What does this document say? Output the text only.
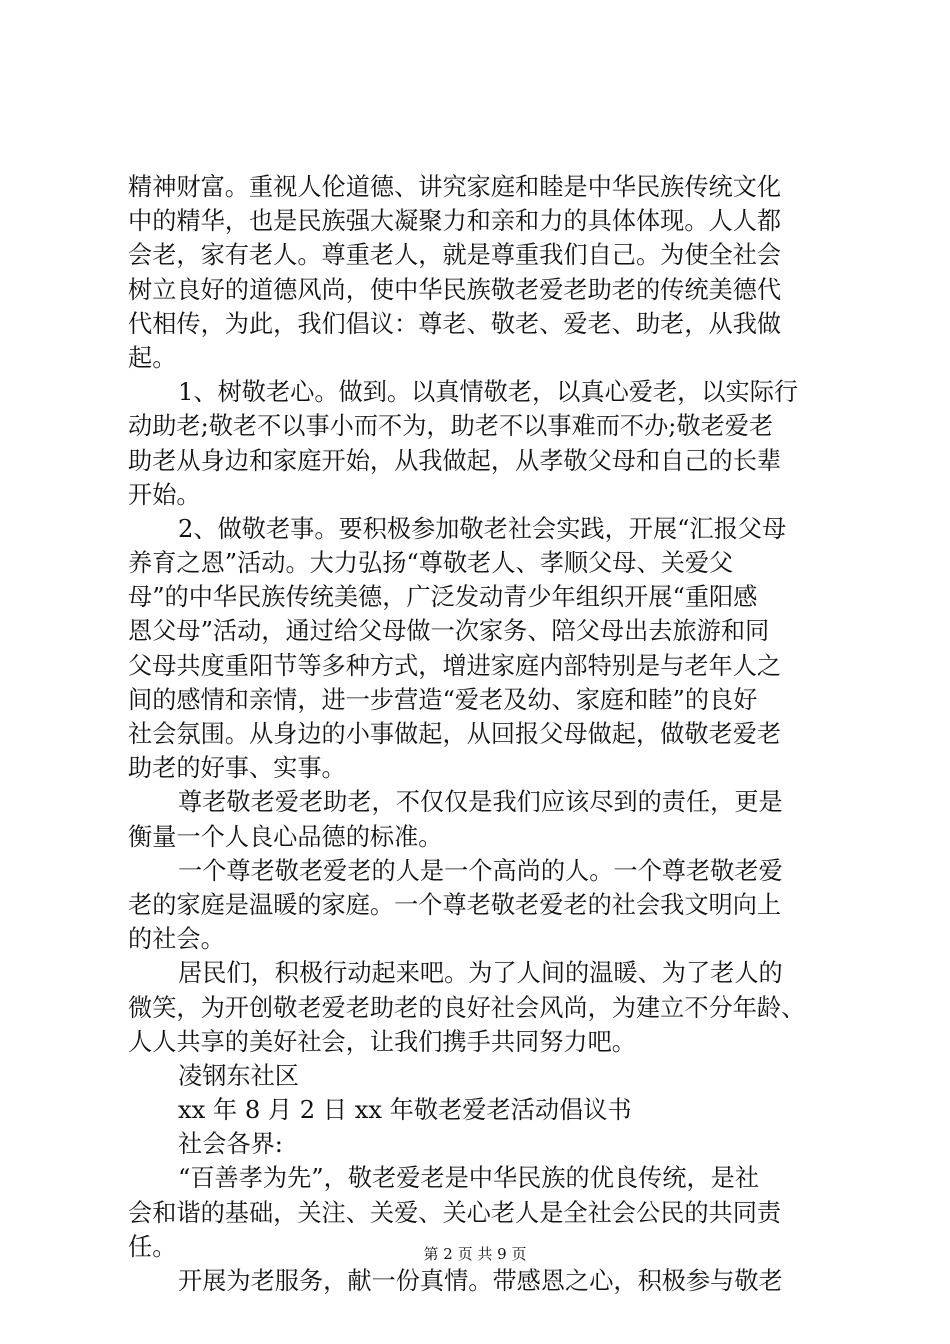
精神财富。重视人伦道德、讲究家庭和睦是中华民族传统文化
中的精华，也是民族强大凝聚力和亲和力的具体体现。人人都
会老，家有老人。尊重老人，就是尊重我们自己。为使全社会
树立良好的道德风尚，使中华民族敬老爱老助老的传统美德代
代相传，为此，我们倡议：尊老、敬老、爱老、助老，从我做
起。
1、树敬老心。做到。以真情敬老，以真心爱老，以实际行
动助老;敬老不以事小而不为，助老不以事难而不办;敬老爱老
助老从身边和家庭开始，从我做起，从孝敬父母和自己的长辈
开始。
2、做敬老事。要积极参加敬老社会实践，开展“汇报父母
养育之恩”活动。大力弘扬“尊敬老人、孝顺父母、关爱父
母”的中华民族传统美德，广泛发动青少年组织开展“重阳感
恩父母”活动，通过给父母做一次家务、陪父母出去旅游和同
父母共度重阳节等多种方式，增进家庭内部特别是与老年人之
间的感情和亲情，进一步营造“爱老及幼、家庭和睦”的良好
社会氛围。从身边的小事做起，从回报父母做起，做敬老爱老
助老的好事、实事。
尊老敬老爱老助老，不仅仅是我们应该尽到的责任，更是
衡量一个人良心品德的标准。
一个尊老敬老爱老的人是一个高尚的人。一个尊老敬老爱
老的家庭是温暖的家庭。一个尊老敬老爱老的社会我文明向上
的社会。
居民们，积极行动起来吧。为了人间的温暖、为了老人的
微笑，为开创敬老爱老助老的良好社会风尚，为建立不分年龄、
人人共享的美好社会，让我们携手共同努力吧。
凌钢东社区
xx 年 8 月 2 日 xx 年敬老爱老活动倡议书
社会各界:
“百善孝为先”，敬老爱老是中华民族的优良传统，是社
会和谐的基础，关注、关爱、关心老人是全社会公民的共同责
任。
开展为老服务，献一份真情。带感恩之心，积极参与敬老
第 2 页 共 9 页
